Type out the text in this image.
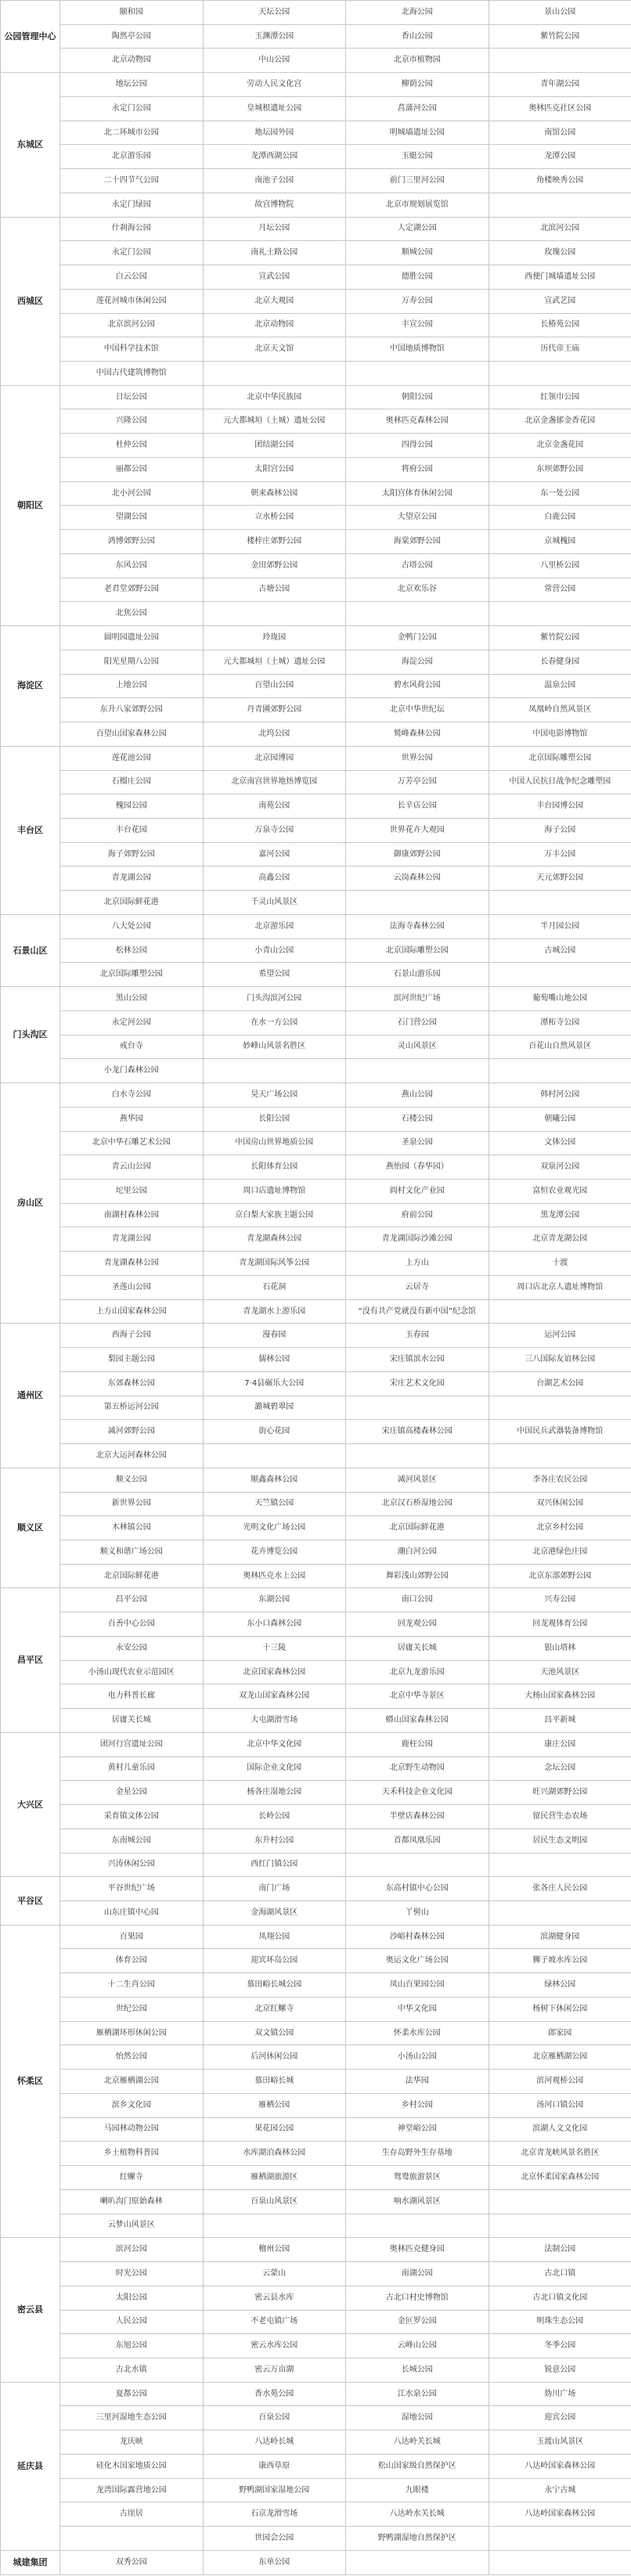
公园管理中心	颐和园	天坛公园	北海公园	景山公园
	陶然亭公园	玉渊潭公园	香山公园	紫竹院公园
	北京动物园	中山公园	北京市植物园	
东城区	地坛公园	劳动人民文化宫	柳荫公园	青年湖公园
	永定门公园	皇城根遗址公园	菖蒲河公园	奥林匹克社区公园
	北二环城市公园	地坛园外园	明城墙遗址公园	南馆公园
	北京游乐园	龙潭西湖公园	玉蜓公园	龙潭公园
	二十四节气公园	南池子公园	前门三里河公园	角楼映秀公园
	永定门绿园	故宫博物院	北京市规划展览馆	
西城区	什刹海公园	月坛公园	人定湖公园	北滨河公园
	永定门公园	南礼士路公园	顺城公园	玫瑰公园
	白云公园	宣武公园	德胜公园	西便门城墙遗址公园
	莲花河城市休闲公园	北京大观园	万寿公园	宣武艺园
	北京滨河公园	北京动物园	丰宣公园	长椿苑公园
	中国科学技术馆	北京天文馆	中国地质博物馆	历代帝王庙
	中国古代建筑博物馆			
朝阳区	日坛公园	北京中华民族园	朝阳公园	红领巾公园
	兴隆公园	元大都城垣（土城）遗址公园	奥林匹克森林公园	北京金盏郁金香花园
	杜仲公园	团结湖公园	四得公园	北京金盏花园
	丽都公园	太阳宫公园	将府公园	东坝郊野公园
	北小河公园	朝来森林公园	太阳宫体育休闲公园	东一处公园
	望湖公园	立水桥公园	大望京公园	白鹿公园
	鸿博郊野公园	楼梓庄郊野公园	海棠郊野公园	京城槐园
	东风公园	金田郊野公园	古塔公园	八里桥公园
	老君堂郊野公园	古塘公园	北京欢乐谷	常营公园
	北焦公园			
海淀区	圆明园遗址公园	玲珑园	金鸭门公园	紫竹院公园
	阳光星期八公园	元大都城垣（土城）遗址公园	海淀公园	长春健身园
	上地公园	百望山公园	碧水风荷公园	温泉公园
	东升八家郊野公园	丹青圃郊野公园	北京中华世纪坛	凤凰岭自然风景区
	百望山国家森林公园	北坞公园	鹫峰森林公园	中国电影博物馆
丰台区	莲花池公园	北京园博园	世界公园	北京国际雕塑公园
	石榴庄公园	北京南宫世界地热博览园	万芳亭公园	中国人民抗日战争纪念雕塑园
	槐园公园	南苑公园	长辛店公园	丰台园博公园
	丰台花园	万泉寺公园	世界花卉大观园	海子公园
	海子郊野公园	嘉河公园	御康郊野公园	万丰公园
	青龙湖公园	高鑫公园	云岗森林公园	天元郊野公园
	北京国际鲜花港	千灵山风景区		
石景山区	八大处公园	北京游乐园	法海寺森林公园	半月园公园
	松林公园	小青山公园	北京国际雕塑公园	古城公园
	北京国际雕塑公园	希望公园	石景山游乐园	
门头沟区	黑山公园	门头沟滨河公园	滨河世纪广场	葡萄嘴山地公园
	永定河公园	在水一方公园	石门营公园	潭柘寺公园
	戒台寺	妙峰山风景名胜区	灵山风景区	百花山自然风景区
	小龙门森林公园			
房山区	白水寺公园	昊天广场公园	燕山公园	韩村河公园
	燕华园	长阳公园	石楼公园	朝曦公园
	北京中华石雕艺术公园	中国房山世界地质公园	圣泉公园	文体公园
	青云山公园	长阳体育公园	燕怡园（春华园）	双泉河公园
	坨里公园	周口店遗址博物馆	阎村文化产业园	富恒农业观光园
	南湖村森林公园	京白梨大家族主题公园	府前公园	黑龙潭公园
	青龙湖公园	青龙湖森林公园	青龙湖国际沙滩公园	北京青龙湖公园
	青龙湖森林公园	青龙湖国际风筝公园	上方山	十渡
	圣莲山公园	石花洞	云居寺	周口店北京人遗址博物馆
	上方山国家森林公园	青龙湖水上游乐园	“没有共产党就没有新中国”纪念馆	
通州区	西海子公园	漫春园	玉春园	运河公园
	梨园主题公园	儒林公园	宋庄镇滨水公园	三八国际友谊林公园
	东郊森林公园	7·4县碾乐大公园	宋庄艺术文化园	台湖艺术公园
	第五桥运河公园	潞城碧翠园		
	减河郊野公园	街心花园	宋庄镇高楼森林公园	中国民兵武器装备博物馆
	北京大运河森林公园			
顺义区	顺义公园	顺鑫森林公园	减河风景区	李各庄农民公园
	新世界公园	天竺镇公园	北京汉石桥湿地公园	双兴休闲公园
	木林镇公园	光明文化广场公园	北京国际鲜花港	北京乡村公园
	顺义和谐广场公园	花卉博览公园	潮白河公园	北京港绿色庄园
	北京国际鲜花港	奥林匹克水上公园	舞彩浅山郊野公园	北京东部郊野公园
昌平区	昌平公园	东湖公园	南口公园	兴寿公园
	百善中心公园	东小口森林公园	回龙观公园	回龙观体育公园
	永安公园	十三陵	居庸关长城	银山塔林
	小汤山现代农业示范园区	北京国家森林公园	北京九龙游乐园	天池风景区
	电力科普长廊	双龙山国家森林公园	北京中华寺景区	大杨山国家森林公园
	居庸关长城	大屯湖滑雪场	蟒山国家森林公园	昌平新城
大兴区	团河行宫遗址公园	北京中华文化园	鹿柱公园	康庄公园
	黄村儿童乐园	国际企业文化园	北京野生动物园	念坛公园
	金星公园	杨各庄湿地公园	天禾科技企业文化园	旺兴湖郊野公园
	采育镇文体公园	长岭公园	半壁店森林公园	留民营生态农场
	东南城公园	东升村公园	首都凤凰乐园	居民生态文明园
	兴涛休闲公园	西红门镇公园		
平谷区	平谷世纪广场	南门广场	东高村镇中心公园	张各庄人民公园
	山东庄镇中心园	金海湖风景区	丫髻山	
怀柔区	百果园	凤翔公园	沙峪村森林公园	滨湖健身园
	体育公园	迎宾环岛公园	奥运文化广场公园	狮子坡水库公园
	十二生肖公园	慕田峪长城公园	凤山百果园公园	绿林公园
	世纪公园	北京红螺寺	中华文化园	杨树下休闲公园
	雁栖湖环形休闲公园	双文镇公园	怀柔水库公园	郎家园
	怡然公园	后河休闲公园	小汤山公园	北京雁栖湖公园
	北京雁栖湖公园	慕田峪长城	法华园	滨河观桥公园
	滨乡文化园	雁栖公园	乡村公园	汤河口镇公园
	马园林动物公园	果花园公园	神堂峪公园	滨湖人文文化园
	乡土植物科普园	水库湖泊森林公园	生存岛野外生存基地	北京青龙峡风景名胜区
	红螺寺	雁栖湖旅游区	鸳鸯旅游景区	北京怀柔国家森林公园
	喇叭沟门原始森林	百泉山风景区	响水湖风景区	
	云梦山风景区			
密云县	滨河公园	檀州公园	奥林匹克健身园	法制公园
	时光公园	云蒙山	南湖公园	古北口镇
	太阳公园	密云县水库	古北口村史博物馆	古北口镇文化园
	人民公园	不老屯镇广场	金叵罗公园	明珠生态公园
	东旭公园	密云水库公园	云峰山公园	冬季公园
	古北水镇	密云万亩湖	长城公园	锐意公园
延庆县	夏都公园	香水苑公园	江水泉公园	妫川广场
	三里河湿地生态公园	百泉公园	湿地公园	迎宾公园
	龙庆峡	八达岭长城	八达岭关长城	玉渡山风景区
	硅化木国家地质公园	康西草原	松山国家级自然保护区	八达岭国家森林公园
	龙湾国际露营地公园	野鸭湖国家湿地公园	九眼楼	永宁古城
	古崖居	石京龙滑雪场	八达岭水关长城	八达岭国家森林公园
		世园会公园	野鸭湖湿地自然保护区	
城建集团	双秀公园	东单公园		
